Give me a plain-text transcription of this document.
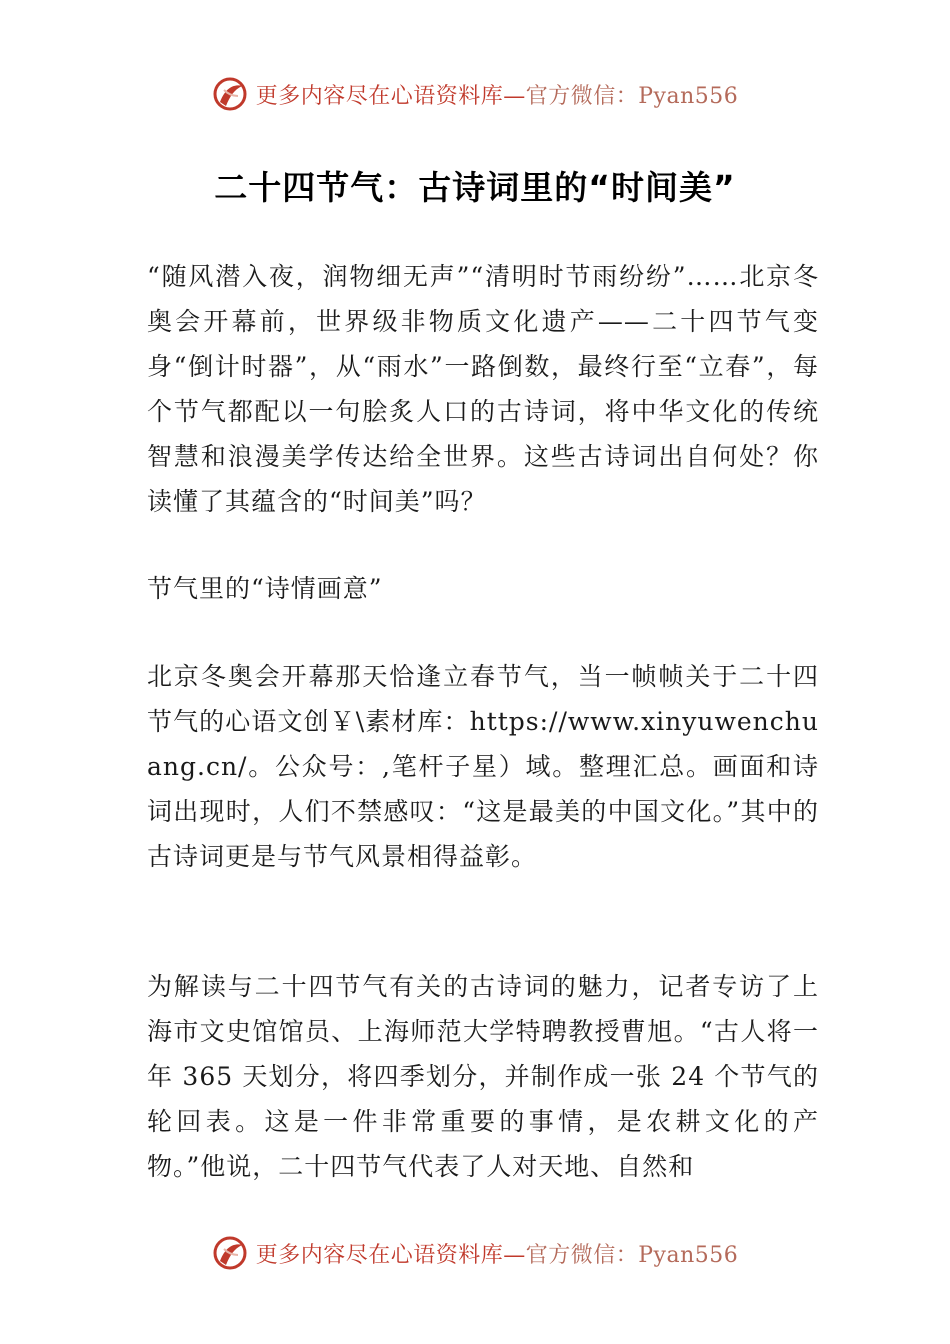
更多内容尽在心语资料库—官方微信：Pyan556
二十四节气：古诗词里的“时间美”
“随风潜入夜，润物细无声”“清明时节雨纷纷”……北京冬奥会开幕前，世界级非物质文化遗产——二十四节气变身“倒计时器”，从“雨水”一路倒数，最终行至“立春”，每个节气都配以一句脍炙人口的古诗词，将中华文化的传统智慧和浪漫美学传达给全世界。这些古诗词出自何处？你读懂了其蕴含的“时间美”吗？
节气里的“诗情画意”
北京冬奥会开幕那天恰逢立春节气，当一帧帧关于二十四节气的心语文创￥\素材库：https://www.xinyuwenchuang.cn/。公众号：,笔杆子星）域。整理汇总。画面和诗词出现时，人们不禁感叹：“这是最美的中国文化。”其中的古诗词更是与节气风景相得益彰。
为解读与二十四节气有关的古诗词的魅力，记者专访了上海市文史馆馆员、上海师范大学特聘教授曹旭。“古人将一年 365 天划分，将四季划分，并制作成一张 24 个节气的轮回表。这是一件非常重要的事情，是农耕文化的产物。”他说，二十四节气代表了人对天地、自然和
更多内容尽在心语资料库—官方微信：Pyan556
